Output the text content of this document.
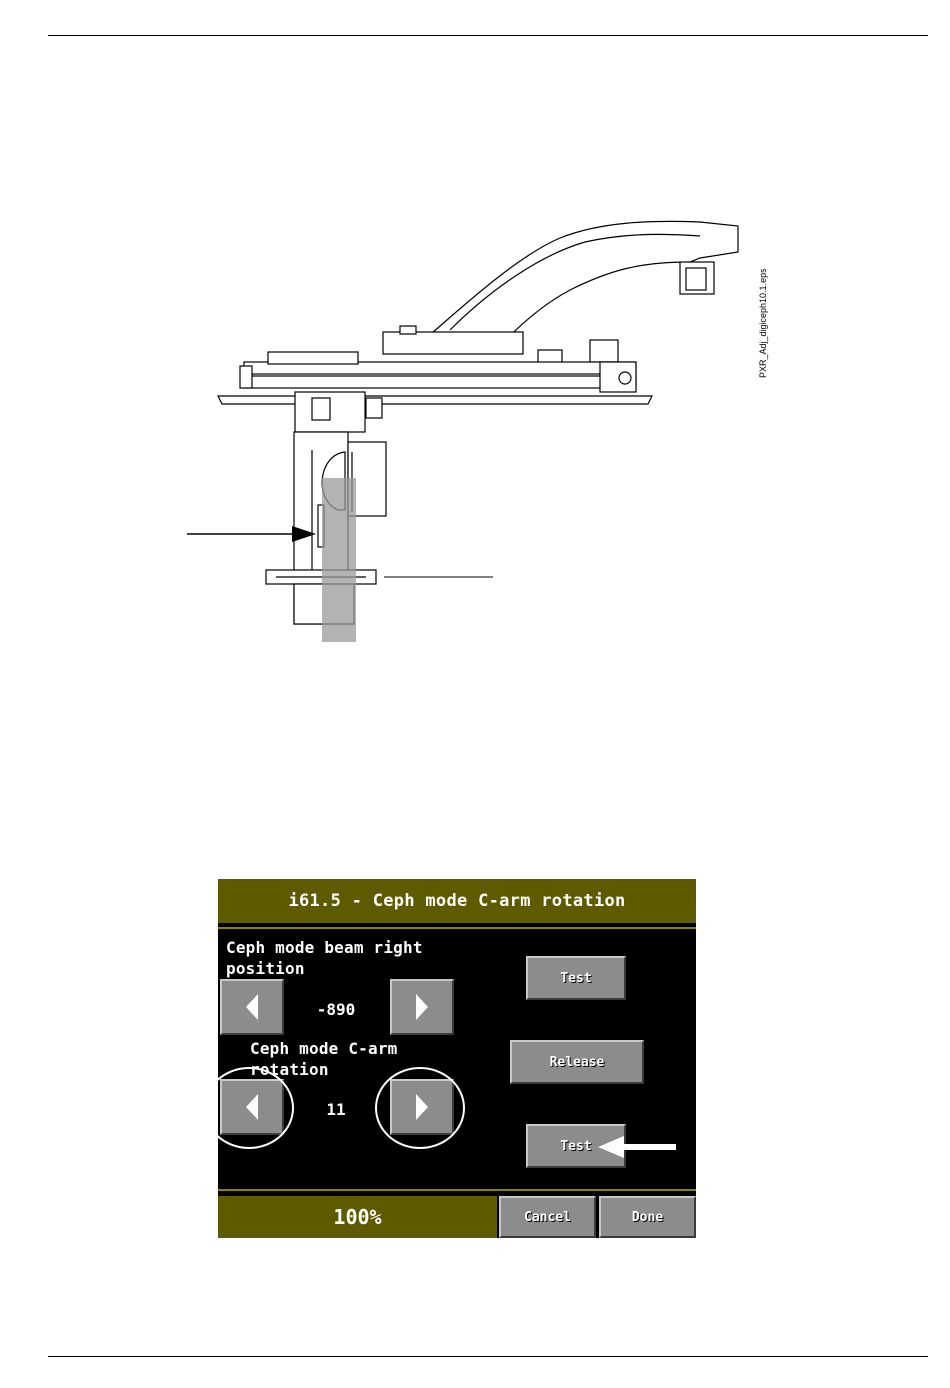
PXR_Adj_digiceph10.1.eps
i61.5 - Ceph mode C-arm rotation
Ceph mode beam right position
-890
Ceph mode C-arm rotation
11
Test
Release
Test
100%	Cancel	Done
